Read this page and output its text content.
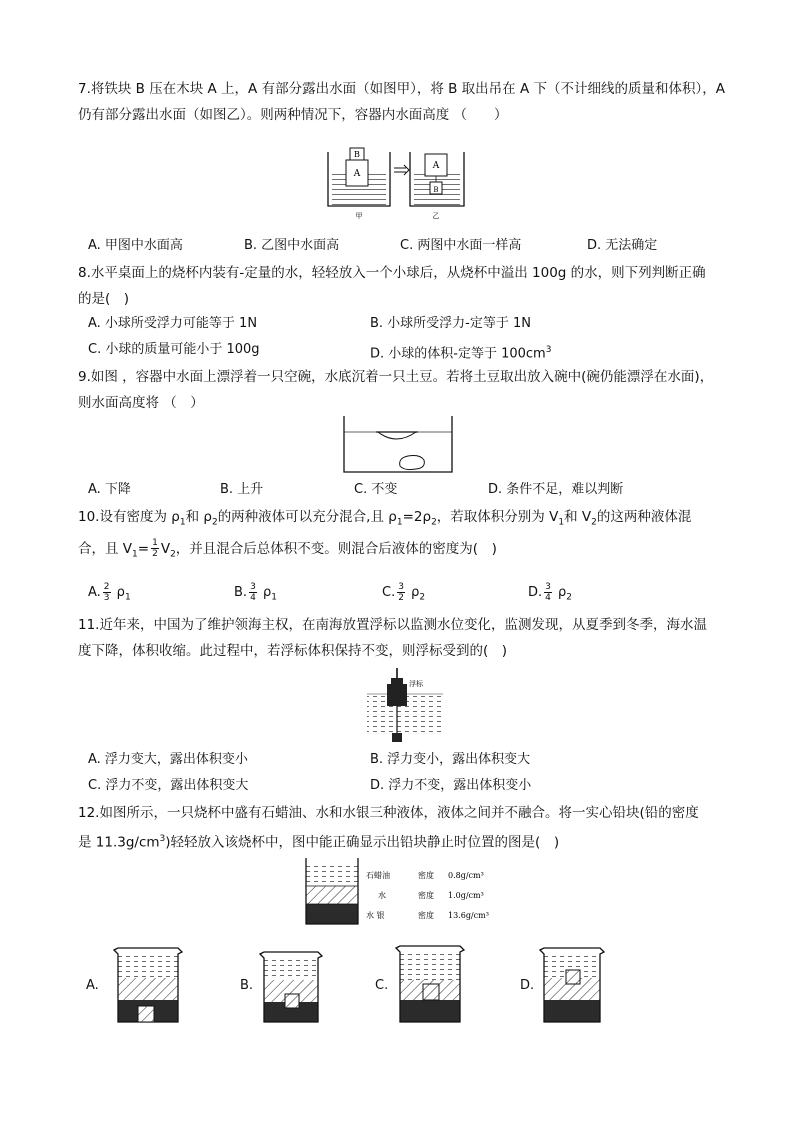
7.将铁块 B 压在木块 A 上，A 有部分露出水面（如图甲），将 B 取出吊在 A 下（不计细线的质量和体积），A
仍有部分露出水面（如图乙）。则两种情况下，容器内水面高度 （　　）
A
B
甲
A
B
乙
A. 甲图中水面高	B. 乙图中水面高	C. 两图中水面一样高	D. 无法确定
8.水平桌面上的烧杯内装有-定量的水，轻轻放入一个小球后，从烧杯中溢出 100g 的水，则下列判断正确
的是(　)
A. 小球所受浮力可能等于 1N	B. 小球所受浮力-定等于 1N
C. 小球的质量可能小于 100g	D. 小球的体积-定等于 $100cm^3$
9.如图 ，容器中水面上漂浮着一只空碗，水底沉着一只土豆。若将土豆取出放入碗中(碗仍能漂浮在水面)，
则水面高度将 （　）
A. 下降	B. 上升	C. 不变	D. 条件不足，难以判断
10.设有密度为 $\rho_1$和 $\rho_2$的两种液体可以充分混合,且 $\rho_1=2\rho_2$，若取体积分别为 $V_1$和 $V_2$的这两种液体混
合，且 $V_1= \frac{1}{2} V_2$，并且混合后总体积不变。则混合后液体的密度为(　)
A. $\frac{2}{3} \rho_1$	B. $\frac{3}{4} \rho_1$	C. $\frac{3}{2} \rho_2$	D. $\frac{3}{4} \rho_2$
11.近年来，中国为了维护领海主权，在南海放置浮标以监测水位变化，监测发现，从夏季到冬季，海水温
度下降，体积收缩。此过程中，若浮标体积保持不变，则浮标受到的(　)
浮标
A. 浮力变大，露出体积变小	B. 浮力变小，露出体积变大
C. 浮力不变，露出体积变大	D. 浮力不变，露出体积变小
12.如图所示，一只烧杯中盛有石蜡油、水和水银三种液体，液体之间并不融合。将一实心铅块(铅的密度
是 $11.3g/cm^3$)轻轻放入该烧杯中，图中能正确显示出铅块静止时位置的图是(　)
石蜡油	密度 0.8g/cm³
水	密度 1.0g/cm³
水 银	密度 13.6g/cm³
A.	B.	C.	D.
